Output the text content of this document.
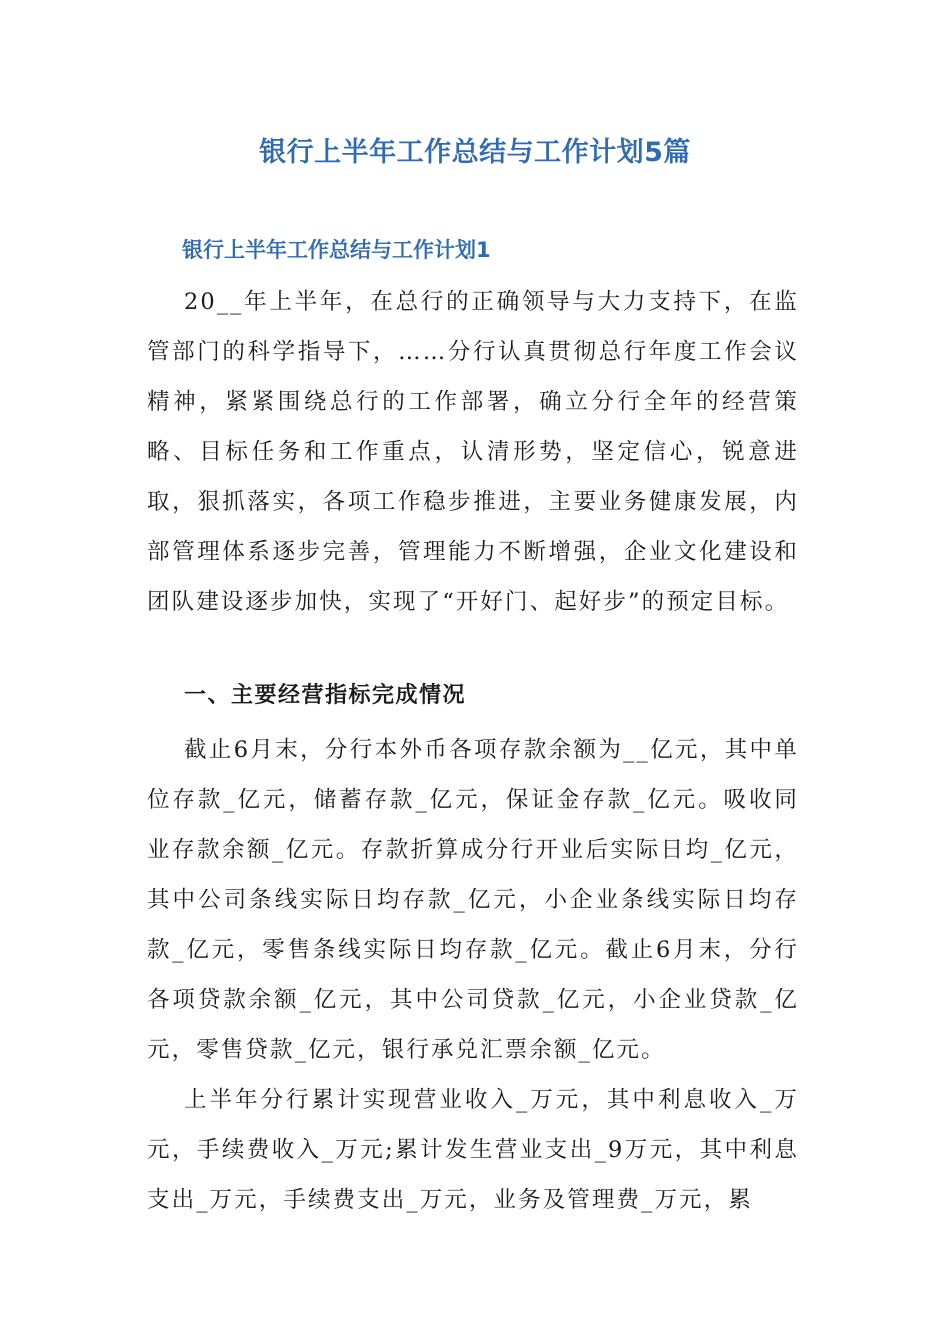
银行上半年工作总结与工作计划5篇
银行上半年工作总结与工作计划1

20__年上半年，在总行的正确领导与大力支持下，在监管部门的科学指导下，……分行认真贯彻总行年度工作会议精神，紧紧围绕总行的工作部署，确立分行全年的经营策略、目标任务和工作重点，认清形势，坚定信心，锐意进取，狠抓落实，各项工作稳步推进，主要业务健康发展，内部管理体系逐步完善，管理能力不断增强，企业文化建设和团队建设逐步加快，实现了“开好门、起好步”的预定目标。

一、主要经营指标完成情况

截止6月末，分行本外币各项存款余额为__亿元，其中单位存款_亿元，储蓄存款_亿元，保证金存款_亿元。吸收同业存款余额_亿元。存款折算成分行开业后实际日均_亿元，其中公司条线实际日均存款_亿元，小企业条线实际日均存款_亿元，零售条线实际日均存款_亿元。截止6月末，分行各项贷款余额_亿元，其中公司贷款_亿元，小企业贷款_亿元，零售贷款_亿元，银行承兑汇票余额_亿元。

上半年分行累计实现营业收入_万元，其中利息收入_万元，手续费收入_万元;累计发生营业支出_9万元，其中利息支出_万元，手续费支出_万元，业务及管理费_万元，累
